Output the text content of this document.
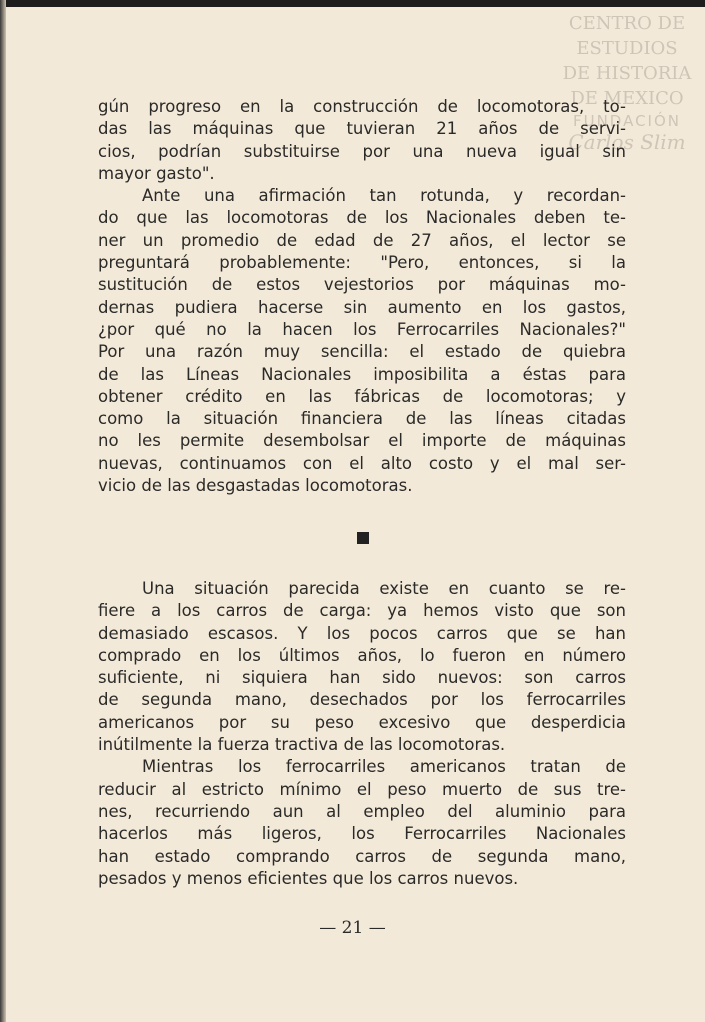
CENTRO DE
ESTUDIOS
DE HISTORIA
DE MEXICO
FUNDACIÓN
Carlos Slim
gún progreso en la construcción de locomotoras, to-
das las máquinas que tuvieran 21 años de servi-
cios, podrían substituirse por una nueva igual sin
mayor gasto".
Ante una afirmación tan rotunda, y recordan-
do que las locomotoras de los Nacionales deben te-
ner un promedio de edad de 27 años, el lector se
preguntará probablemente: "Pero, entonces, si la
sustitución de estos vejestorios por máquinas mo-
dernas pudiera hacerse sin aumento en los gastos,
¿por qué no la hacen los Ferrocarriles Nacionales?"
Por una razón muy sencilla: el estado de quiebra
de las Líneas Nacionales imposibilita a éstas para
obtener crédito en las fábricas de locomotoras; y
como la situación financiera de las líneas citadas
no les permite desembolsar el importe de máquinas
nuevas, continuamos con el alto costo y el mal ser-
vicio de las desgastadas locomotoras.
Una situación parecida existe en cuanto se re-
fiere a los carros de carga: ya hemos visto que son
demasiado escasos. Y los pocos carros que se han
comprado en los últimos años, lo fueron en número
suficiente, ni siquiera han sido nuevos: son carros
de segunda mano, desechados por los ferrocarriles
americanos por su peso excesivo que desperdicia
inútilmente la fuerza tractiva de las locomotoras.
Mientras los ferrocarriles americanos tratan de
reducir al estricto mínimo el peso muerto de sus tre-
nes, recurriendo aun al empleo del aluminio para
hacerlos más ligeros, los Ferrocarriles Nacionales
han estado comprando carros de segunda mano,
pesados y menos eficientes que los carros nuevos.
— 21 —
